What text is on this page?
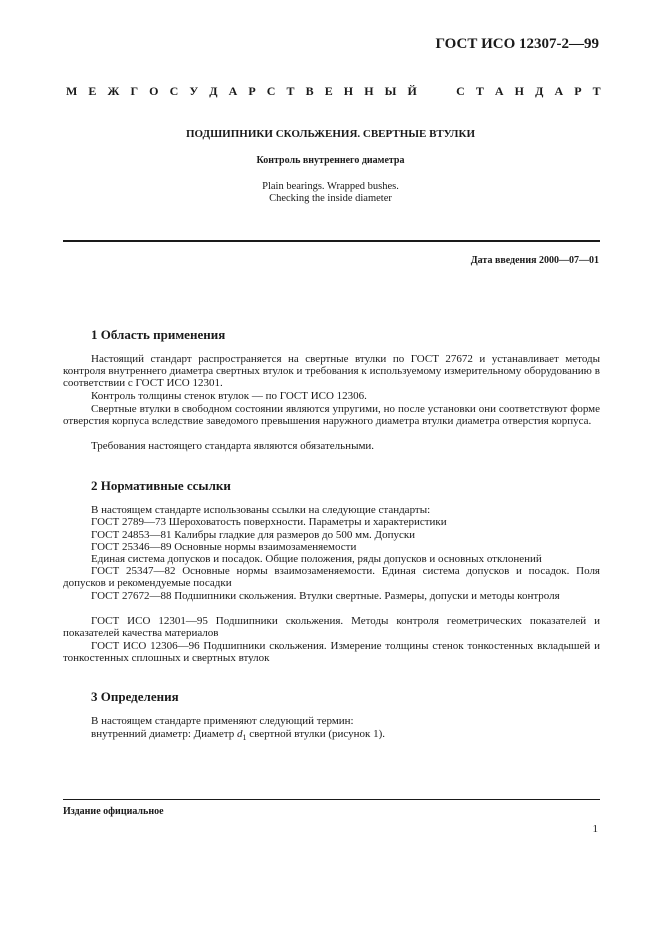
ГОСТ ИСО 12307-2—99
М Е Ж Г О С У Д А Р С Т В Е Н Н Ы Й

	С Т А Н Д А Р Т
ПОДШИПНИКИ СКОЛЬЖЕНИЯ. СВЕРТНЫЕ ВТУЛКИ
Контроль внутреннего диаметра
Plain bearings. Wrapped bushes.
Checking the inside diameter
Дата введения 2000—07—01
1 Область применения
Настоящий стандарт распространяется на свертные втулки по ГОСТ 27672 и устанавливает методы контроля внутреннего диаметра свертных втулок и требования к используемому измерительному оборудованию в соответствии с ГОСТ ИСО 12301.
Контроль толщины стенок втулок — по ГОСТ ИСО 12306.
Свертные втулки в свободном состоянии являются упругими, но после установки они соответствуют форме отверстия корпуса вследствие заведомого превышения наружного диаметра втулки диаметра отверстия корпуса.
Требования настоящего стандарта являются обязательными.
2 Нормативные ссылки
В настоящем стандарте использованы ссылки на следующие стандарты:
ГОСТ 2789—73 Шероховатость поверхности. Параметры и характеристики
ГОСТ 24853—81 Калибры гладкие для размеров до 500 мм. Допуски
ГОСТ 25346—89 Основные нормы взаимозаменяемости
Единая система допусков и посадок. Общие положения, ряды допусков и основных отклонений
ГОСТ 25347—82 Основные нормы взаимозаменяемости. Единая система допусков и посадок. Поля допусков и рекомендуемые посадки
ГОСТ 27672—88 Подшипники скольжения. Втулки свертные. Размеры, допуски и методы контроля
ГОСТ ИСО 12301—95 Подшипники скольжения. Методы контроля геометрических показателей и показателей качества материалов
ГОСТ ИСО 12306—96 Подшипники скольжения. Измерение толщины стенок тонкостенных вкладышей и тонкостенных сплошных и свертных втулок
3 Определения
В настоящем стандарте применяют следующий термин:
внутренний диаметр: Диаметр $d_1$ свертной втулки (рисунок 1).
Издание официальное
1
